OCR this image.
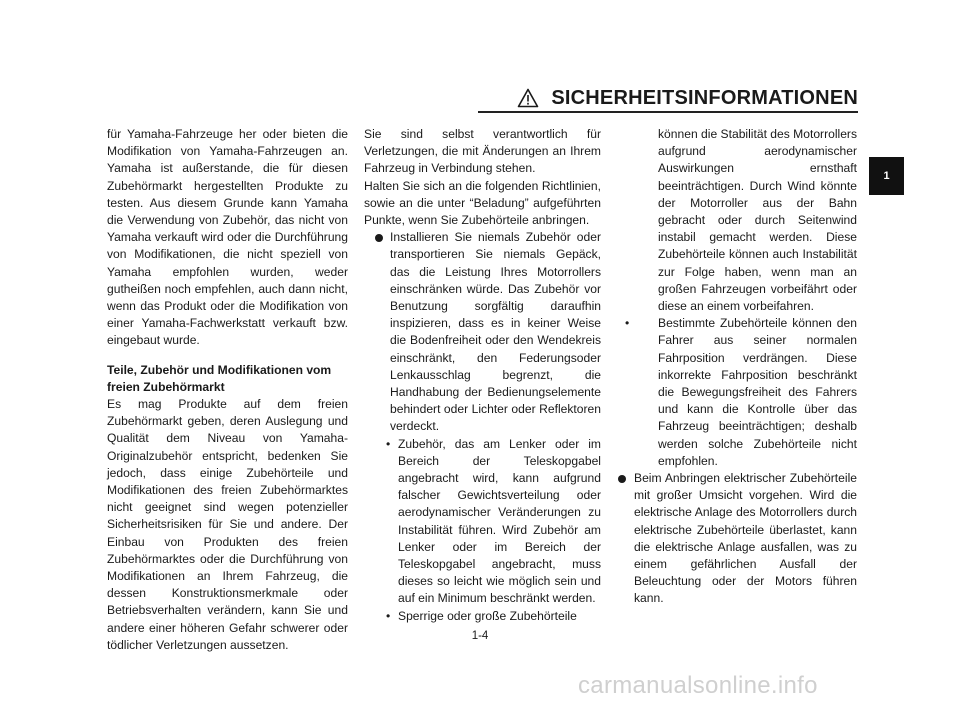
SICHERHEITSINFORMATIONEN
1

für Yamaha-Fahrzeuge her oder bieten die Modifikation von Yamaha-Fahrzeugen an. Yamaha ist außerstande, die für diesen Zubehörmarkt hergestellten Produkte zu testen. Aus diesem Grunde kann Yamaha die Verwendung von Zubehör, das nicht von Yamaha verkauft wird oder die Durchführung von Modifikationen, die nicht speziell von Yamaha empfohlen wurden, weder gutheißen noch empfehlen, auch dann nicht, wenn das Produkt oder die Modifikation von einer Yamaha-Fachwerkstatt verkauft bzw. eingebaut wurde.

Teile, Zubehör und Modifikationen vom freien Zubehörmarkt

Es mag Produkte auf dem freien Zubehörmarkt geben, deren Auslegung und Qualität dem Niveau von Yamaha-Originalzubehör entspricht, bedenken Sie jedoch, dass einige Zubehörteile und Modifikationen des freien Zubehörmarktes nicht geeignet sind wegen potenzieller Sicherheitsrisiken für Sie und andere. Der Einbau von Produkten des freien Zubehörmarktes oder die Durchführung von Modifikationen an Ihrem Fahrzeug, die dessen Konstruktionsmerkmale oder Betriebsverhalten verändern, kann Sie und andere einer höheren Gefahr schwerer oder tödlicher Verletzungen aussetzen.

Sie sind selbst verantwortlich für Verletzungen, die mit Änderungen an Ihrem Fahrzeug in Verbindung stehen.

Halten Sie sich an die folgenden Richtlinien, sowie an die unter “Beladung” aufgeführten Punkte, wenn Sie Zubehörteile anbringen.

Installieren Sie niemals Zubehör oder transportieren Sie niemals Gepäck, das die Leistung Ihres Motorrollers einschränken würde. Das Zubehör vor Benutzung sorgfältig daraufhin inspizieren, dass es in keiner Weise die Bodenfreiheit oder den Wendekreis einschränkt, den Federungsoder Lenkausschlag begrenzt, die Handhabung der Bedienungselemente behindert oder Lichter oder Reflektoren verdeckt.
• Zubehör, das am Lenker oder im Bereich der Teleskopgabel angebracht wird, kann aufgrund falscher Gewichtsverteilung oder aerodynamischer Veränderungen zu Instabilität führen. Wird Zubehör am Lenker oder im Bereich der Teleskopgabel angebracht, muss dieses so leicht wie möglich sein und auf ein Minimum beschränkt werden.
• Sperrige oder große Zubehörteile

können die Stabilität des Motorrollers aufgrund aerodynamischer Auswirkungen ernsthaft beeinträchtigen. Durch Wind könnte der Motorroller aus der Bahn gebracht oder durch Seitenwind instabil gemacht werden. Diese Zubehörteile können auch Instabilität zur Folge haben, wenn man an großen Fahrzeugen vorbeifährt oder diese an einem vorbeifahren.

• Bestimmte Zubehörteile können den Fahrer aus seiner normalen Fahrposition verdrängen. Diese inkorrekte Fahrposition beschränkt die Bewegungsfreiheit des Fahrers und kann die Kontrolle über das Fahrzeug beeinträchtigen; deshalb werden solche Zubehörteile nicht empfohlen.
Beim Anbringen elektrischer Zubehörteile mit großer Umsicht vorgehen. Wird die elektrische Anlage des Motorrollers durch elektrische Zubehörteile überlastet, kann die elektrische Anlage ausfallen, was zu einem gefährlichen Ausfall der Beleuchtung oder der Motors führen kann.
1-4
carmanualsonline.info
